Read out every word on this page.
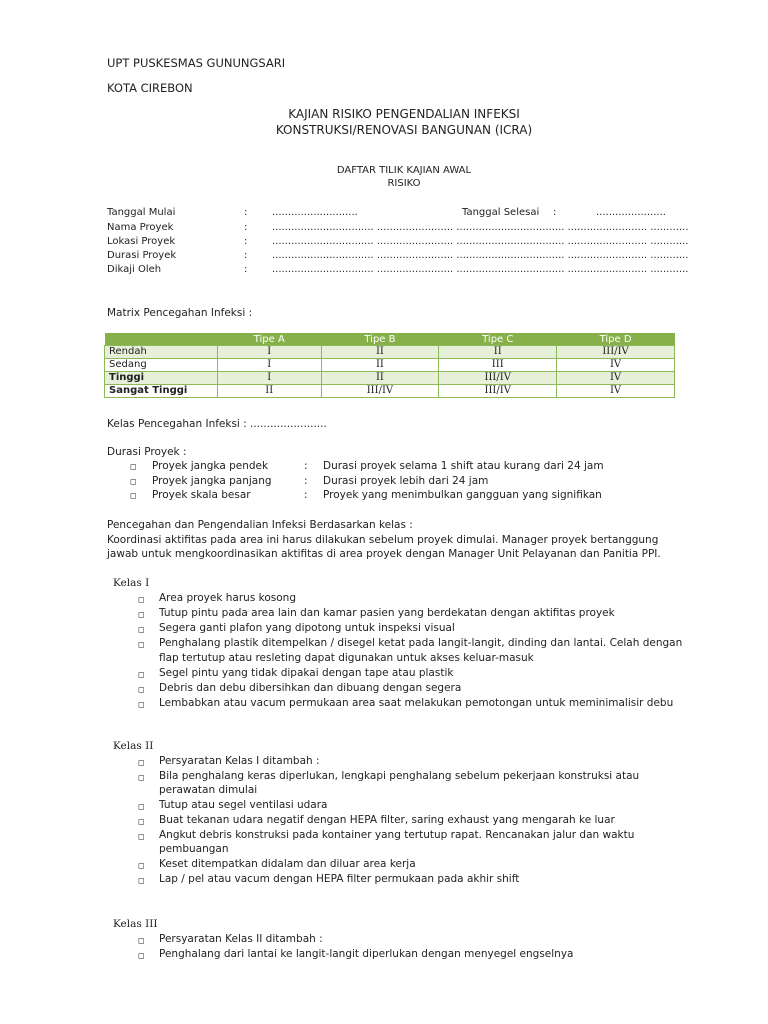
UPT PUSKESMAS GUNUNGSARI
KOTA CIREBON
KAJIAN RISIKO PENGENDALIAN INFEKSI
KONSTRUKSI/RENOVASI BANGUNAN (ICRA)
DAFTAR TILIK KAJIAN AWAL
RISIKO
Tanggal Mulai	: ...........................	Tanggal Selesai :	......................
Nama Proyek	: ................................ ........................ .................................. ......................... ............
Lokasi Proyek	: ................................ ........................ .................................. ......................... ............
Durasi Proyek	: ................................ ........................ .................................. ......................... ............
Dikaji Oleh	: ................................ ........................ .................................. ......................... ............
Matrix Pencegahan Infeksi :
	Tipe A	Tipe B	Tipe C	Tipe D
Rendah	I	II	II	III/IV
Sedang	I	II	III	IV
Tinggi	I	II	III/IV	IV
Sangat Tinggi	II	III/IV	III/IV	IV
Kelas Pencegahan Infeksi : .......................
Durasi Proyek :
◻ Proyek jangka pendek	: Durasi proyek selama 1 shift atau kurang dari 24 jam
◻ Proyek jangka panjang	: Durasi proyek lebih dari 24 jam
◻ Proyek skala besar	: Proyek yang menimbulkan gangguan yang signifikan
Pencegahan dan Pengendalian Infeksi Berdasarkan kelas :
Koordinasi aktifitas pada area ini harus dilakukan sebelum proyek dimulai. Manager proyek bertanggung
jawab untuk mengkoordinasikan aktifitas di area proyek dengan Manager Unit Pelayanan dan Panitia PPI.
Kelas I
◻ Area proyek harus kosong
◻ Tutup pintu pada area lain dan kamar pasien yang berdekatan dengan aktifitas proyek
◻ Segera ganti plafon yang dipotong untuk inspeksi visual
◻ Penghalang plastik ditempelkan / disegel ketat pada langit-langit, dinding dan lantai. Celah dengan
flap tertutup atau resleting dapat digunakan untuk akses keluar-masuk
◻ Segel pintu yang tidak dipakai dengan tape atau plastik
◻ Debris dan debu dibersihkan dan dibuang dengan segera
◻ Lembabkan atau vacum permukaan area saat melakukan pemotongan untuk meminimalisir debu
Kelas II
◻ Persyaratan Kelas I ditambah :
◻ Bila penghalang keras diperlukan, lengkapi penghalang sebelum pekerjaan konstruksi atau
perawatan dimulai
◻ Tutup atau segel ventilasi udara
◻ Buat tekanan udara negatif dengan HEPA filter, saring exhaust yang mengarah ke luar
◻ Angkut debris konstruksi pada kontainer yang tertutup rapat. Rencanakan jalur dan waktu
pembuangan
◻ Keset ditempatkan didalam dan diluar area kerja
◻ Lap / pel atau vacum dengan HEPA filter permukaan pada akhir shift
Kelas III
◻ Persyaratan Kelas II ditambah :
◻ Penghalang dari lantai ke langit-langit diperlukan dengan menyegel engselnya
